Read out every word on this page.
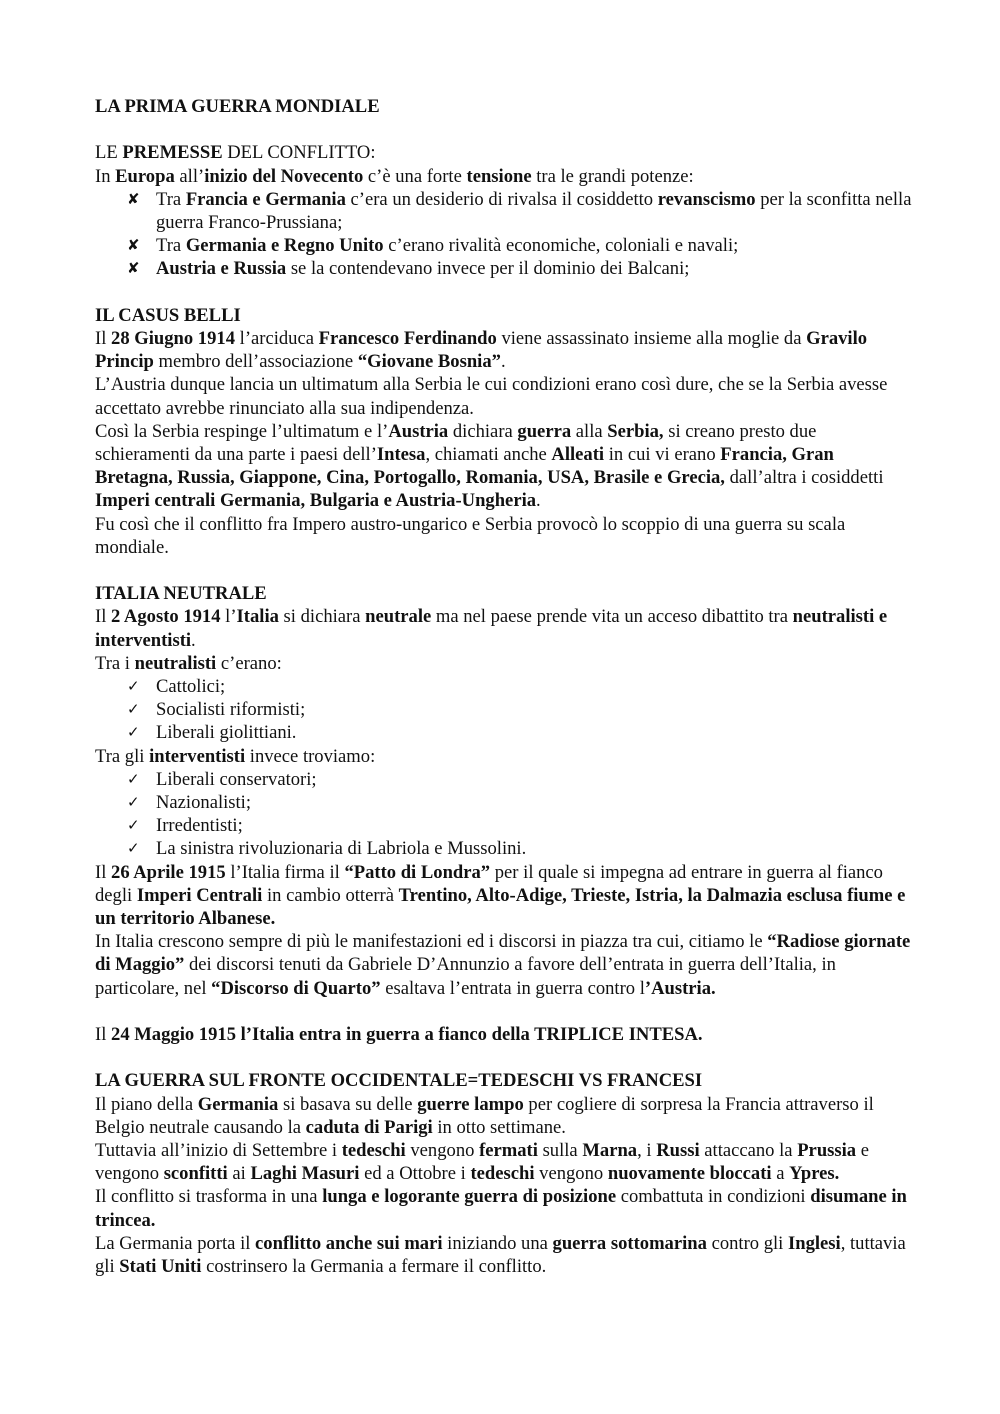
LA PRIMA GUERRA MONDIALE

LE PREMESSE DEL CONFLITTO:

In Europa all’inizio del Novecento c’è una forte tensione tra le grandi potenze:

✘ Tra Francia e Germania c’era un desiderio di rivalsa il cosiddetto revanscismo per la sconfitta nella guerra Franco-Prussiana;
✘ Tra Germania e Regno Unito c’erano rivalità economiche, coloniali e navali;
✘ Austria e Russia se la contendevano invece per il dominio dei Balcani;

IL CASUS BELLI

Il 28 Giugno 1914 l’arciduca Francesco Ferdinando viene assassinato insieme alla moglie da Gravilo Princip membro dell’associazione “Giovane Bosnia”.

L’Austria dunque lancia un ultimatum alla Serbia le cui condizioni erano così dure, che se la Serbia avesse accettato avrebbe rinunciato alla sua indipendenza.

Così la Serbia respinge l’ultimatum e l’Austria dichiara guerra alla Serbia, si creano presto due schieramenti da una parte i paesi dell’Intesa, chiamati anche Alleati in cui vi erano Francia, Gran Bretagna, Russia, Giappone, Cina, Portogallo, Romania, USA, Brasile e Grecia, dall’altra i cosiddetti Imperi centrali Germania, Bulgaria e Austria-Ungheria.

Fu così che il conflitto fra Impero austro-ungarico e Serbia provocò lo scoppio di una guerra su scala mondiale.

ITALIA NEUTRALE

Il 2 Agosto 1914 l’Italia si dichiara neutrale ma nel paese prende vita un acceso dibattito tra neutralisti e interventisti.

Tra i neutralisti c’erano:

✓ Cattolici;
✓ Socialisti riformisti;
✓ Liberali giolittiani.

Tra gli interventisti invece troviamo:

✓ Liberali conservatori;
✓ Nazionalisti;
✓ Irredentisti;
✓ La sinistra rivoluzionaria di Labriola e Mussolini.

Il 26 Aprile 1915 l’Italia firma il “Patto di Londra” per il quale si impegna ad entrare in guerra al fianco degli Imperi Centrali in cambio otterrà Trentino, Alto-Adige, Trieste, Istria, la Dalmazia esclusa fiume e un territorio Albanese.

In Italia crescono sempre di più le manifestazioni ed i discorsi in piazza tra cui, citiamo le “Radiose giornate di Maggio” dei discorsi tenuti da Gabriele D’Annunzio a favore dell’entrata in guerra dell’Italia, in particolare, nel “Discorso di Quarto” esaltava l’entrata in guerra contro l’Austria.

Il 24 Maggio 1915 l’Italia entra in guerra a fianco della TRIPLICE INTESA.

LA GUERRA SUL FRONTE OCCIDENTALE=TEDESCHI VS FRANCESI

Il piano della Germania si basava su delle guerre lampo per cogliere di sorpresa la Francia attraverso il Belgio neutrale causando la caduta di Parigi in otto settimane.

Tuttavia all’inizio di Settembre i tedeschi vengono fermati sulla Marna, i Russi attaccano la Prussia e vengono sconfitti ai Laghi Masuri ed a Ottobre i tedeschi vengono nuovamente bloccati a Ypres.

Il conflitto si trasforma in una lunga e logorante guerra di posizione combattuta in condizioni disumane in trincea.

La Germania porta il conflitto anche sui mari iniziando una guerra sottomarina contro gli Inglesi, tuttavia gli Stati Uniti costrinsero la Germania a fermare il conflitto.
